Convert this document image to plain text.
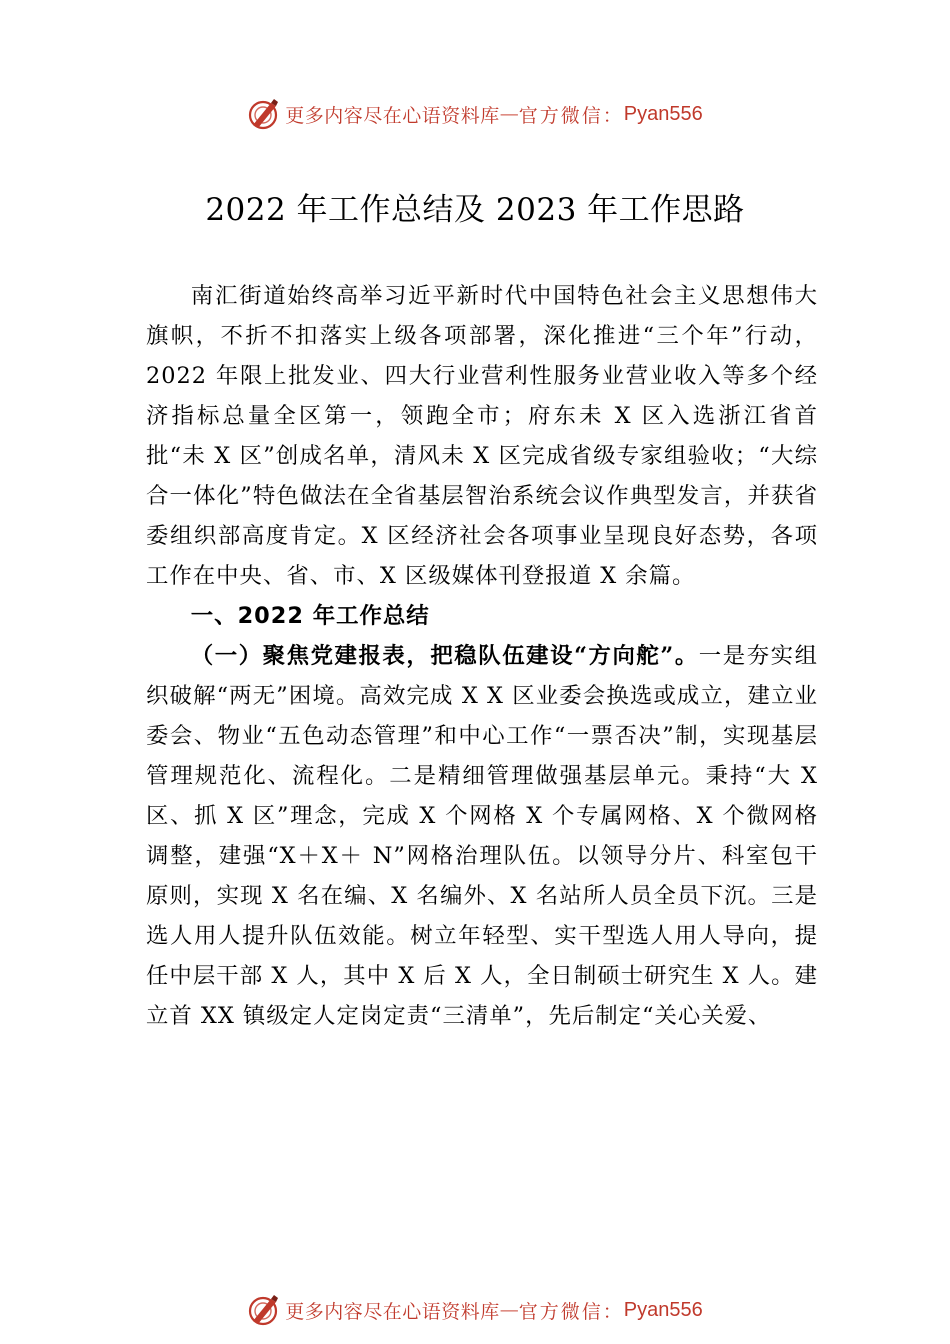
更多内容尽在心语资料库 — 官方微信： Pyan556
2022 年工作总结及 2023 年工作思路

南汇街道始终高举习近平新时代中国特色社会主义思想伟大旗帜，不折不扣落实上级各项部署，深化推进“三个年”行动，2022 年限上批发业、四大行业营利性服务业营业收入等多个经济指标总量全区第一，领跑全市；府东未 X 区入选浙江省首批“未 X 区”创成名单，清风未 X 区完成省级专家组验收；“大综合一体化”特色做法在全省基层智治系统会议作典型发言，并获省委组织部高度肯定。X 区经济社会各项事业呈现良好态势，各项工作在中央、省、市、X 区级媒体刊登报道 X 余篇。

一、2022 年工作总结

（一）聚焦党建报表，把稳队伍建设“方向舵”。一是夯实组织破解“两无”困境。高效完成 X X 区业委会换选或成立，建立业委会、物业“五色动态管理”和中心工作“一票否决”制，实现基层管理规范化、流程化。二是精细管理做强基层单元。秉持“大 X 区、抓 X 区”理念，完成 X 个网格 X 个专属网格、X 个微网格调整，建强“X＋X＋ N”网格治理队伍。以领导分片、科室包干原则，实现 X 名在编、X 名编外、X 名站所人员全员下沉。三是选人用人提升队伍效能。树立年轻型、实干型选人用人导向，提任中层干部 X 人，其中 X 后 X 人，全日制硕士研究生 X 人。建立首 XX 镇级定人定岗定责“三清单”，先后制定“关心关爱、

更多内容尽在心语资料库 — 官方微信： Pyan556
